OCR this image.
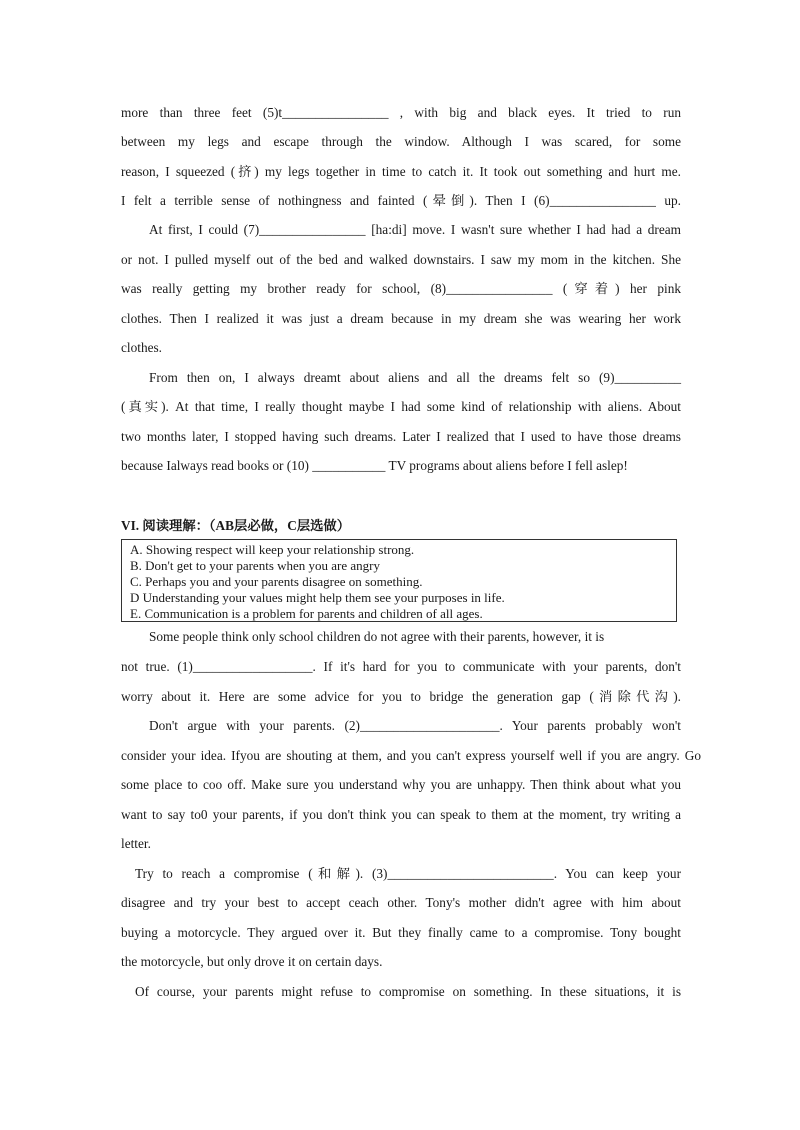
more than three feet (5)t________________ , with big and black eyes. It tried to run
between my legs and escape through the window. Although I was scared, for some
reason, I squeezed (挤) my legs together in time to catch it. It took out something and hurt me.
I felt a terrible sense of nothingness and fainted (晕倒). Then I (6)________________ up.
At first, I could (7)________________ [ha:di] move. I wasn't sure whether I had had a dream
or not. I pulled myself out of the bed and walked downstairs. I saw my mom in the kitchen. She
was really getting my brother ready for school, (8)________________ (穿着) her pink
clothes. Then I realized it was just a dream because in my dream she was wearing her work
clothes.
From then on, I always dreamt about aliens and all the dreams felt so (9)__________
(真实). At that time, I really thought maybe I had some kind of relationship with aliens. About
two months later, I stopped having such dreams. Later I realized that I used to have those dreams
because Ialways read books or (10) ___________ TV programs about aliens before I fell aslep!
VI. 阅读理解：（AB层必做，C层选做）
A. Showing respect will keep your relationship strong.
B. Don't get to your parents when you are angry
C. Perhaps you and your parents disagree on something.
D Understanding your values might help them see your purposes in life.
E. Communication is a problem for parents and children of all ages.
Some people think only school children do not agree with their parents, however, it is
not true. (1)__________________. If it's hard for you to communicate with your parents, don't
worry about it. Here are some advice for you to bridge the generation gap (消除代沟).
Don't argue with your parents. (2)_____________________. Your parents probably won't
consider your idea. Ifyou are shouting at them, and you can't express yourself well if you are angry. Go
some place to coo off. Make sure you understand why you are unhappy. Then think about what you
want to say to0 your parents, if you don't think you can speak to them at the moment, try writing a
letter.
Try to reach a compromise (和解). (3)_________________________. You can keep your
disagree and try your best to accept ceach other. Tony's mother didn't agree with him about
buying a motorcycle. They argued over it. But they finally came to a compromise. Tony bought
the motorcycle, but only drove it on certain days.
Of course, your parents might refuse to compromise on something. In these situations, it is
